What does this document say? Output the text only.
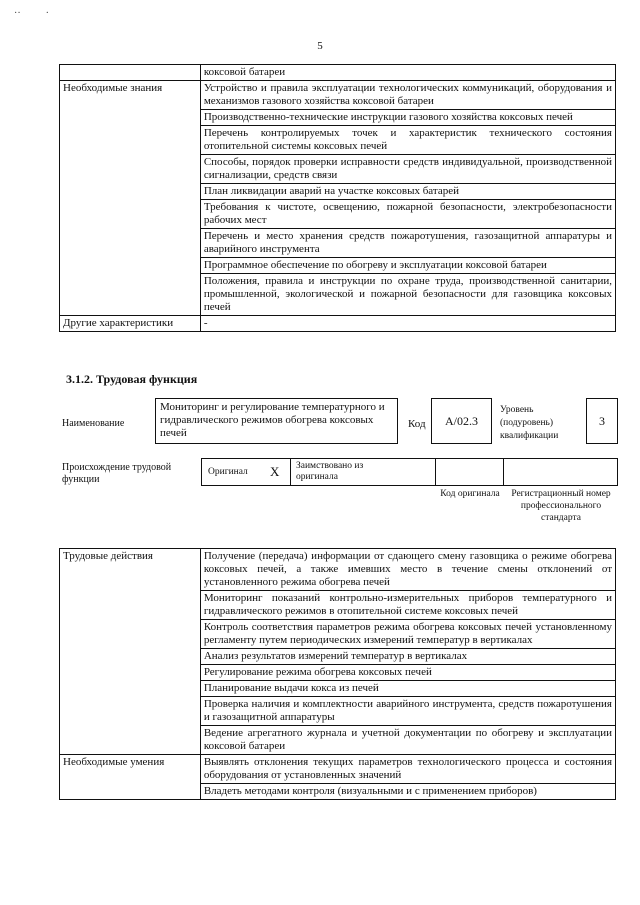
··          ·
5
	коксовой батареи
Необходимые знания	Устройство и правила эксплуатации технологических коммуникаций, оборудования и механизмов газового хозяйства коксовой батареи
	Производственно-технические инструкции газового хозяйства коксовых печей
	Перечень контролируемых точек и характеристик технического состояния отопительной системы коксовых печей
	Способы, порядок проверки исправности средств индивидуальной, производственной сигнализации, средств связи
	План ликвидации аварий на участке коксовых батарей
	Требования к чистоте, освещению, пожарной безопасности, электробезопасности рабочих мест
	Перечень и место хранения средств пожаротушения, газозащитной аппаратуры и аварийного инструмента
	Программное обеспечение по обогреву и эксплуатации коксовой батареи
	Положения, правила и инструкции по охране труда, производственной санитарии, промышленной, экологической и пожарной безопасности для газовщика коксовых печей
Другие характеристики	-
3.1.2. Трудовая функция
Наименование
Мониторинг и регулирование температурного и гидравлического режимов обогрева коксовых печей
Код	А/02.3
Уровень (подуровень) квалификации
3
Происхождение трудовой функции
Оригинал X Заимствовано из оригинала
Код оригинала Регистрационный номер профессионального стандарта
Трудовые действия	Получение (передача) информации от сдающего смену газовщика о режиме обогрева коксовых печей, а также имевших место в течение смены отклонений от установленного режима обогрева печей
	Мониторинг показаний контрольно-измерительных приборов температурного и гидравлического режимов в отопительной системе коксовых печей
	Контроль соответствия параметров режима обогрева коксовых печей установленному регламенту путем периодических измерений температур в вертикалах
	Анализ результатов измерений температур в вертикалах
	Регулирование режима обогрева коксовых печей
	Планирование выдачи кокса из печей
	Проверка наличия и комплектности аварийного инструмента, средств пожаротушения и газозащитной аппаратуры
	Ведение агрегатного журнала и учетной документации по обогреву и эксплуатации коксовой батареи
Необходимые умения	Выявлять отклонения текущих параметров технологического процесса и состояния оборудования от установленных значений
	Владеть методами контроля (визуальными и с применением приборов)
